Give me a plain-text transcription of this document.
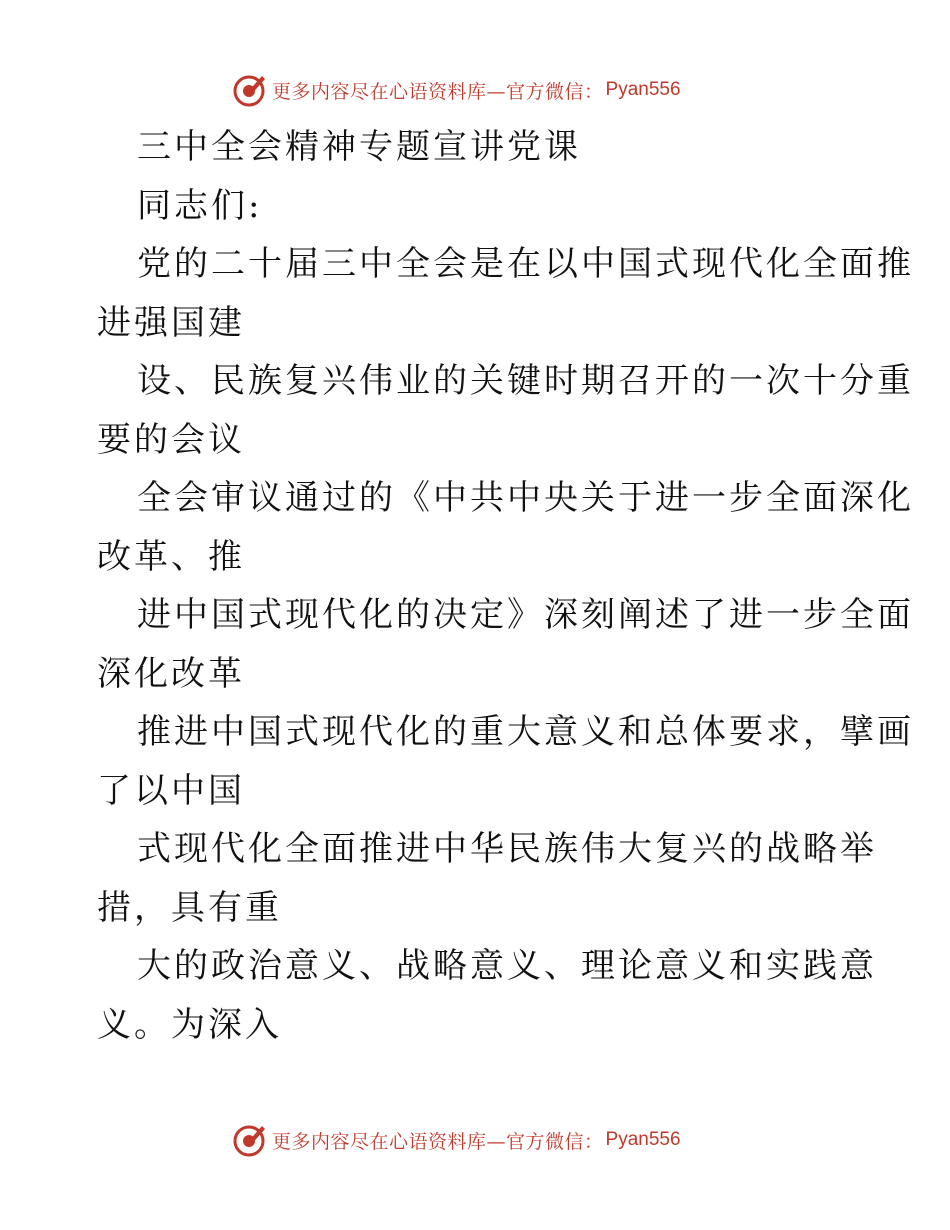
更多内容尽在心语资料库—官方微信： Pyan556
三中全会精神专题宣讲党课
同志们:
党的二十届三中全会是在以中国式现代化全面推
进强国建
设、民族复兴伟业的关键时期召开的一次十分重
要的会议
全会审议通过的《中共中央关于进一步全面深化
改革、推
进中国式现代化的决定》深刻阐述了进一步全面
深化改革
推进中国式现代化的重大意义和总体要求，擘画
了以中国
式现代化全面推进中华民族伟大复兴的战略举
措，具有重
大的政治意义、战略意义、理论意义和实践意
义。为深入
更多内容尽在心语资料库—官方微信： Pyan556
